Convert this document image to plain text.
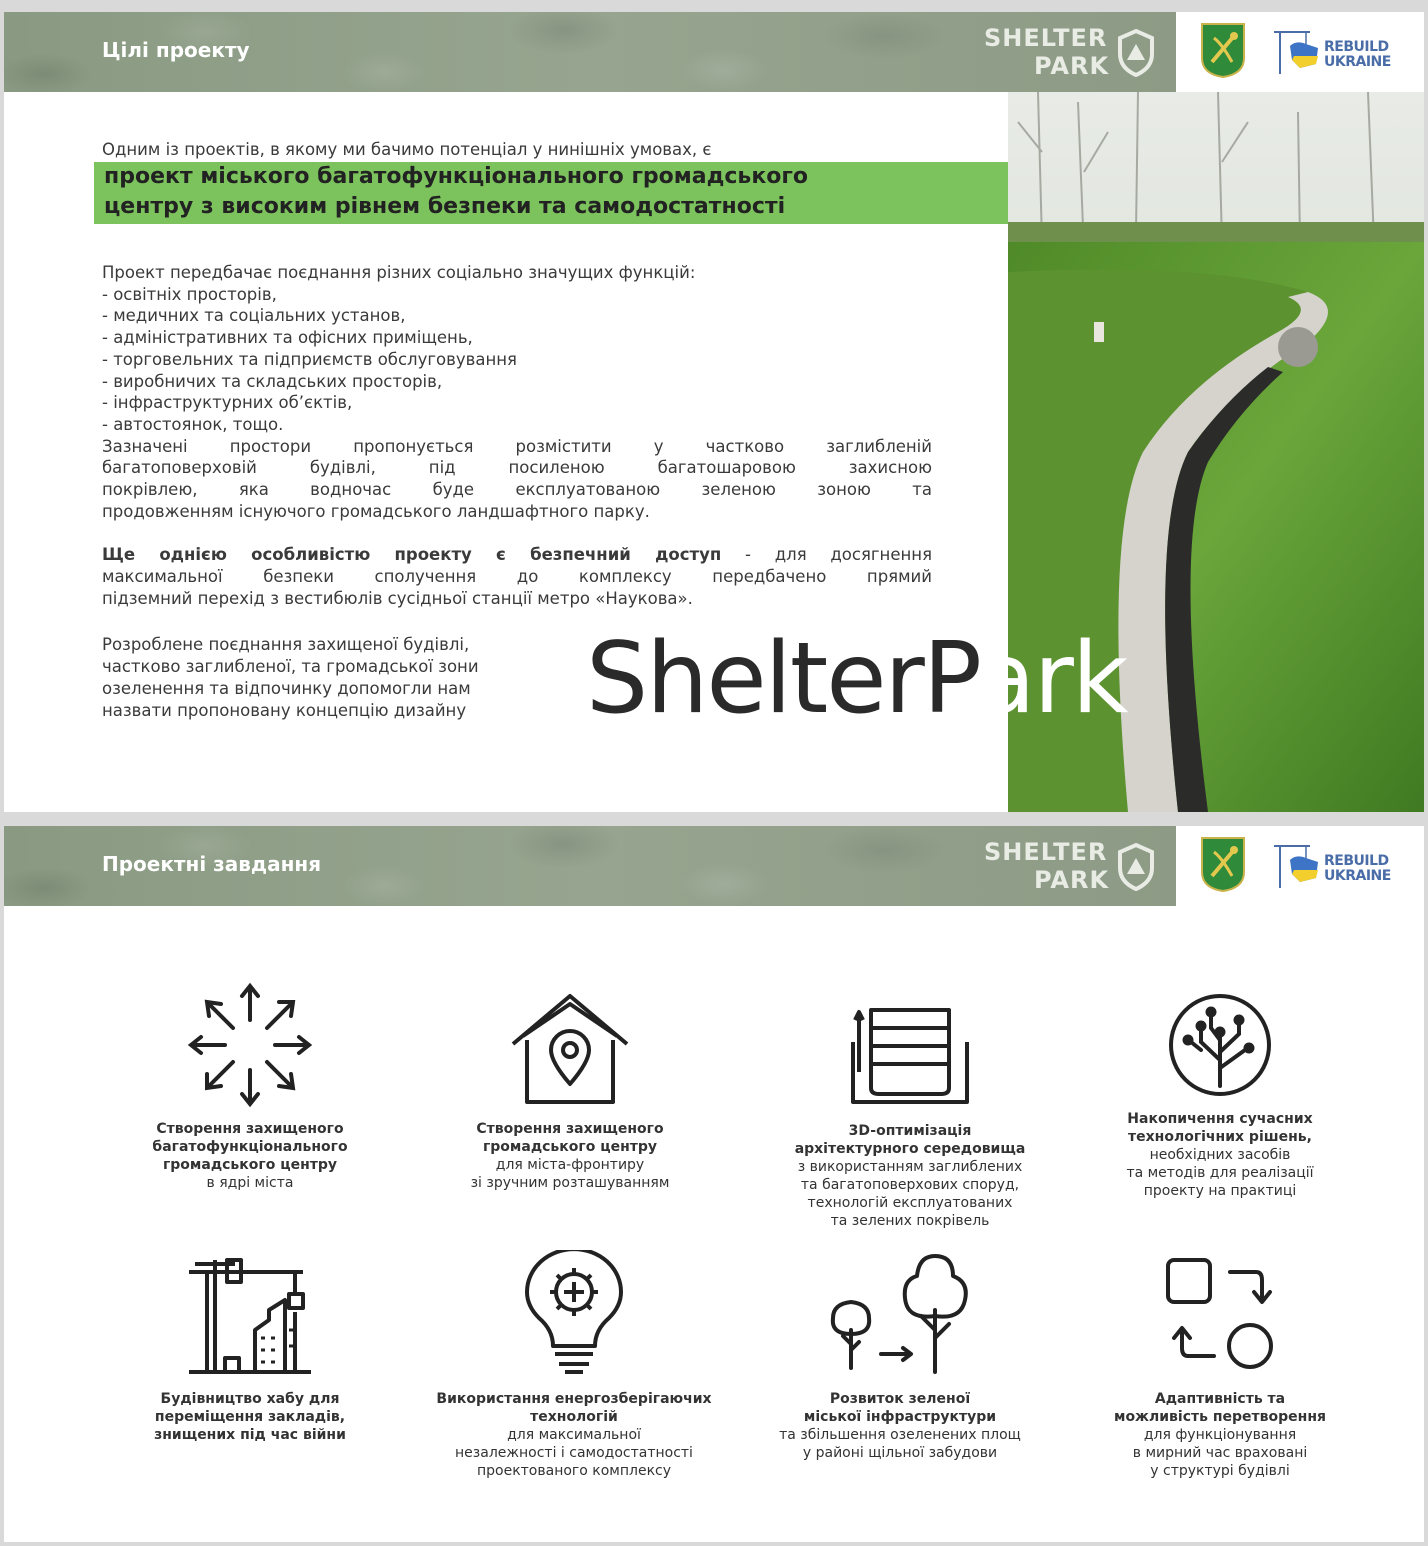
Цілі проекту	SHELTER
PARK
REBUILD UKRAINE
Одним із проектів, в якому ми бачимо потенціал у нинішніх умовах, є
проект міського багатофункціонального громадського
центру з високим рівнем безпеки та самодостатності
Проект передбачає поєднання різних соціально значущих функцій:
- освітніх просторів,
- медичних та соціальних установ,
- адміністративних та офісних приміщень,
- торговельних та підприємств обслуговування
- виробничих та складських просторів,
- інфраструктурних об’єктів,
- автостоянок, тощо.
Зазначені простори пропонується розмістити у частково заглибленій
багатоповерховій будівлі, під посиленою багатошаровою захисною
покрівлею, яка водночас буде експлуатованою зеленою зоною та
продовженням існуючого громадського ландшафтного парку.
Ще однією особливістю проекту є безпечний доступ - для досягнення
максимальної безпеки сполучення до комплексу передбачено прямий
підземний перехід з вестибюлів сусідньої станції метро «Наукова».
Розроблене поєднання захищеної будівлі,
частково заглибленої, та громадської зони
озеленення та відпочинку допомогли нам
назвати пропоновану концепцію дизайну	ShelterPark
Проектні завдання	SHELTER
PARK
REBUILD UKRAINE
Створення захищеного
багатофункціонального
громадського центру
в ядрі міста
Створення захищеного
громадського центру
для міста-фронтиру
зі зручним розташуванням
3D-оптимізація
архітектурного середовища
з використанням заглиблених
та багатоповерхових споруд,
технологій експлуатованих
та зелених покрівель
Накопичення сучасних
технологічних рішень,
необхідних засобів
та методів для реалізації
проекту на практиці
Будівництво хабу для
переміщення закладів,
знищених під час війни
Використання енергозберігаючих
технологій
для максимальної
незалежності і самодостатності
проектованого комплексу
Розвиток зеленої
міської інфраструктури
та збільшення озеленених площ
у районі щільної забудови
Адаптивність та
можливість перетворення
для функціонування
в мирний час враховані
у структурі будівлі
